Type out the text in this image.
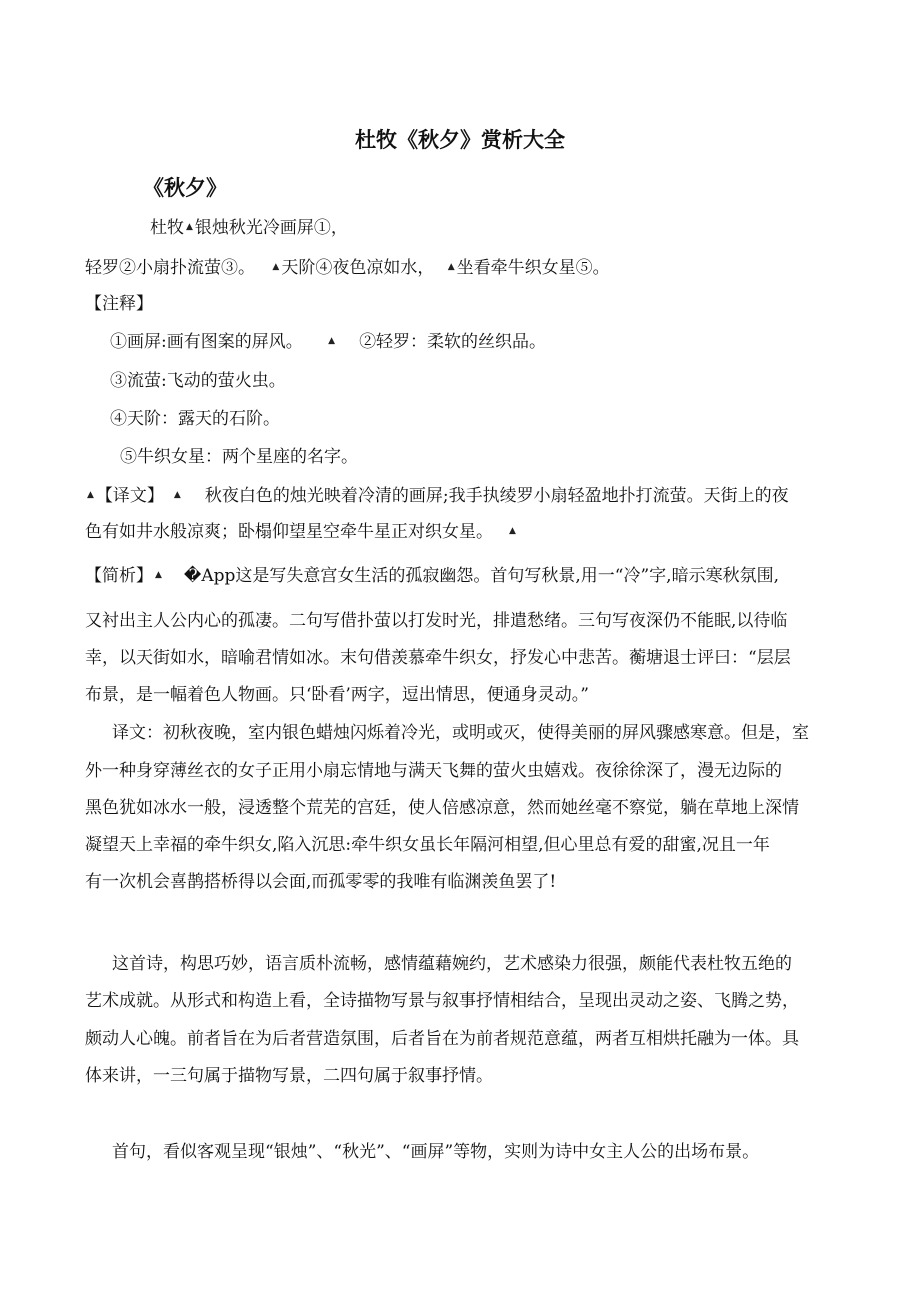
杜牧《秋夕》赏析大全
《秋夕》
杜牧 ▲ 银烛秋光冷画屏①，
轻罗②小扇扑流萤③。 ▲ 天阶④夜色凉如水， ▲ 坐看牵牛织女星⑤。
【注释】
①画屏:画有图案的屏风。	▲ ②轻罗：柔软的丝织品。
③流萤:飞动的萤火虫。
④天阶：露天的石阶。
⑤牛织女星：两个星座的名字。
▲ 【译文】 ▲ 秋夜白色的烛光映着冷清的画屏;我手执绫罗小扇轻盈地扑打流萤。天街上的夜
色有如井水般凉爽；卧榻仰望星空牵牛星正对织女星。 ▲
【简析】 ▲ �App这是写失意宫女生活的孤寂幽怨。首句写秋景,用一“冷”字,暗示寒秋氛围,
又衬出主人公内心的孤凄。二句写借扑萤以打发时光，排遣愁绪。三句写夜深仍不能眠,以待临
幸，以天街如水，暗喻君情如冰。末句借羡慕牵牛织女，抒发心中悲苦。蘅塘退士评曰：“层层
布景，是一幅着色人物画。只‘卧看’两字，逗出情思，便通身灵动。”
译文：初秋夜晚，室内银色蜡烛闪烁着冷光，或明或灭，使得美丽的屏风骤感寒意。但是，室
外一种身穿薄丝衣的女子正用小扇忘情地与满天飞舞的萤火虫嬉戏。夜徐徐深了，漫无边际的
黑色犹如冰水一般，浸透整个荒芜的宫廷，使人倍感凉意，然而她丝毫不察觉，躺在草地上深情
凝望天上幸福的牵牛织女,陷入沉思:牵牛织女虽长年隔河相望,但心里总有爱的甜蜜,况且一年
有一次机会喜鹊搭桥得以会面,而孤零零的我唯有临渊羡鱼罢了!
这首诗，构思巧妙，语言质朴流畅，感情蕴藉婉约，艺术感染力很强，颇能代表杜牧五绝的
艺术成就。从形式和构造上看，全诗描物写景与叙事抒情相结合，呈现出灵动之姿、飞腾之势，
颇动人心魄。前者旨在为后者营造氛围，后者旨在为前者规范意蕴，两者互相烘托融为一体。具
体来讲，一三句属于描物写景，二四句属于叙事抒情。
首句，看似客观呈现“银烛”、“秋光”、“画屏”等物，实则为诗中女主人公的出场布景。
